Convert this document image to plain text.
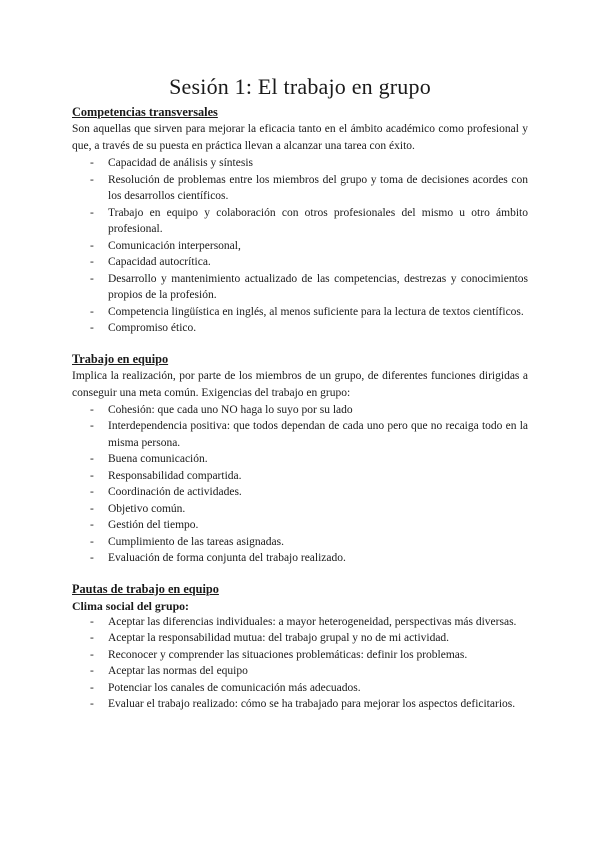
Sesión 1: El trabajo en grupo
Competencias transversales

Son aquellas que sirven para mejorar la eficacia tanto en el ámbito académico como profesional y que, a través de su puesta en práctica llevan a alcanzar una tarea con éxito.

- Capacidad de análisis y síntesis
- Resolución de problemas entre los miembros del grupo y toma de decisiones acordes con los desarrollos científicos.
- Trabajo en equipo y colaboración con otros profesionales del mismo u otro ámbito profesional.
- Comunicación interpersonal,
- Capacidad autocrítica.
- Desarrollo y mantenimiento actualizado de las competencias, destrezas y conocimientos propios de la profesión.
- Competencia lingüística en inglés, al menos suficiente para la lectura de textos científicos.
- Compromiso ético.
Trabajo en equipo

Implica la realización, por parte de los miembros de un grupo, de diferentes funciones dirigidas a conseguir una meta común. Exigencias del trabajo en grupo:

- Cohesión: que cada uno NO haga lo suyo por su lado
- Interdependencia positiva: que todos dependan de cada uno pero que no recaiga todo en la misma persona.
- Buena comunicación.
- Responsabilidad compartida.
- Coordinación de actividades.
- Objetivo común.
- Gestión del tiempo.
- Cumplimiento de las tareas asignadas.
- Evaluación de forma conjunta del trabajo realizado.
Pautas de trabajo en equipo
Clima social del grupo:
- Aceptar las diferencias individuales: a mayor heterogeneidad, perspectivas más diversas.
- Aceptar la responsabilidad mutua: del trabajo grupal y no de mi actividad.
- Reconocer y comprender las situaciones problemáticas: definir los problemas.
- Aceptar las normas del equipo
- Potenciar los canales de comunicación más adecuados.
- Evaluar el trabajo realizado: cómo se ha trabajado para mejorar los aspectos deficitarios.
